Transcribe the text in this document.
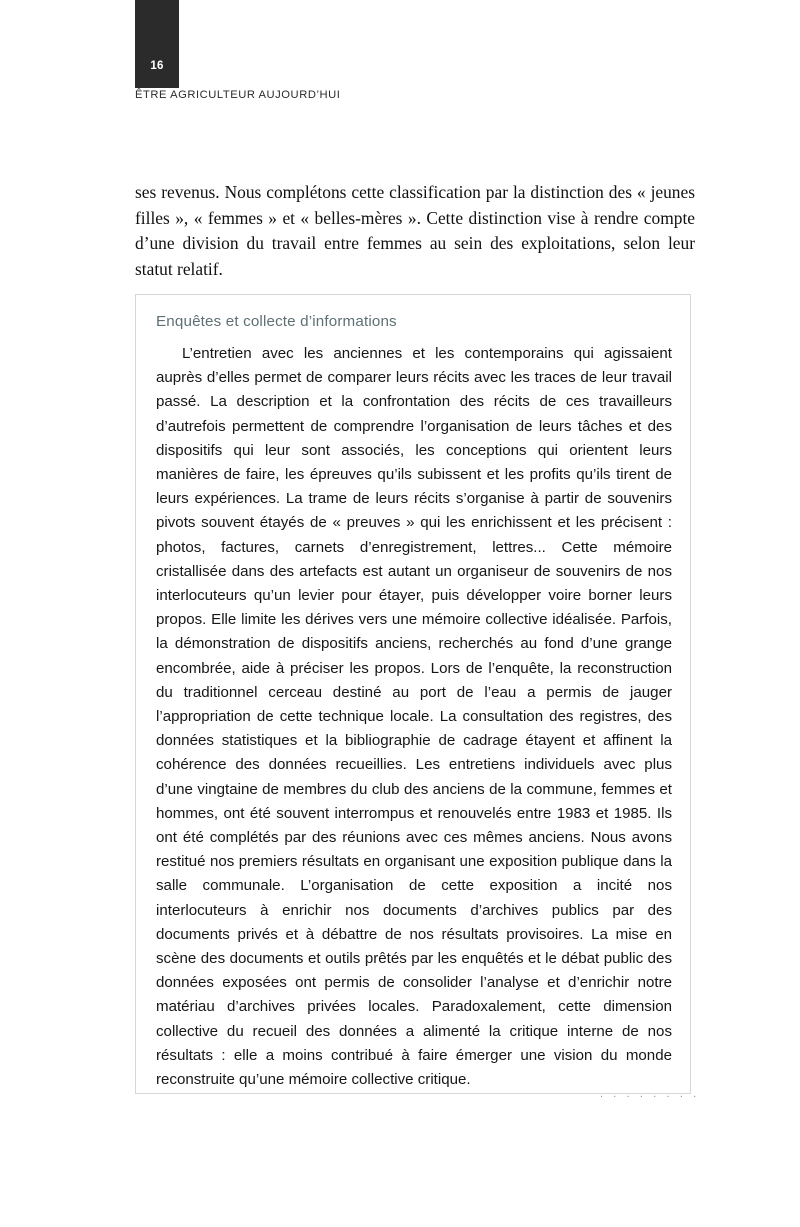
16
ÊTRE AGRICULTEUR AUJOURD’HUI

ses revenus. Nous complétons cette classification par la distinction des « jeunes filles », « femmes » et « belles-mères ». Cette distinction vise à rendre compte d’une division du travail entre femmes au sein des exploitations, selon leur statut relatif.

Enquêtes et collecte d’informations

L’entretien avec les anciennes et les contemporains qui agissaient auprès d’elles permet de comparer leurs récits avec les traces de leur travail passé. La description et la confrontation des récits de ces travailleurs d’autrefois permettent de comprendre l’organisation de leurs tâches et des dispositifs qui leur sont associés, les conceptions qui orientent leurs manières de faire, les épreuves qu’ils subissent et les profits qu’ils tirent de leurs expériences. La trame de leurs récits s’organise à partir de souvenirs pivots souvent étayés de « preuves » qui les enrichissent et les précisent : photos, factures, carnets d’enregistrement, lettres... Cette mémoire cristallisée dans des artefacts est autant un organiseur de souvenirs de nos interlocuteurs qu’un levier pour étayer, puis développer voire borner leurs propos. Elle limite les dérives vers une mémoire collective idéalisée. Parfois, la démonstration de dispositifs anciens, recherchés au fond d’une grange encombrée, aide à préciser les propos. Lors de l’enquête, la reconstruction du traditionnel cerceau destiné au port de l’eau a permis de jauger l’appropriation de cette technique locale. La consultation des registres, des données statistiques et la bibliographie de cadrage étayent et affinent la cohérence des données recueillies. Les entretiens individuels avec plus d’une vingtaine de membres du club des anciens de la commune, femmes et hommes, ont été souvent interrompus et renouvelés entre 1983 et 1985. Ils ont été complétés par des réunions avec ces mêmes anciens. Nous avons restitué nos premiers résultats en organisant une exposition publique dans la salle communale. L’organisation de cette exposition a incité nos interlocuteurs à enrichir nos documents d’archives publics par des documents privés et à débattre de nos résultats provisoires. La mise en scène des documents et outils prêtés par les enquêtés et le débat public des données exposées ont permis de consolider l’analyse et d’enrichir notre matériau d’archives privées locales. Paradoxalement, cette dimension collective du recueil des données a alimenté la critique interne de nos résultats : elle a moins contribué à faire émerger une vision du monde reconstruite qu’une mémoire collective critique.

. . . . . . . .
